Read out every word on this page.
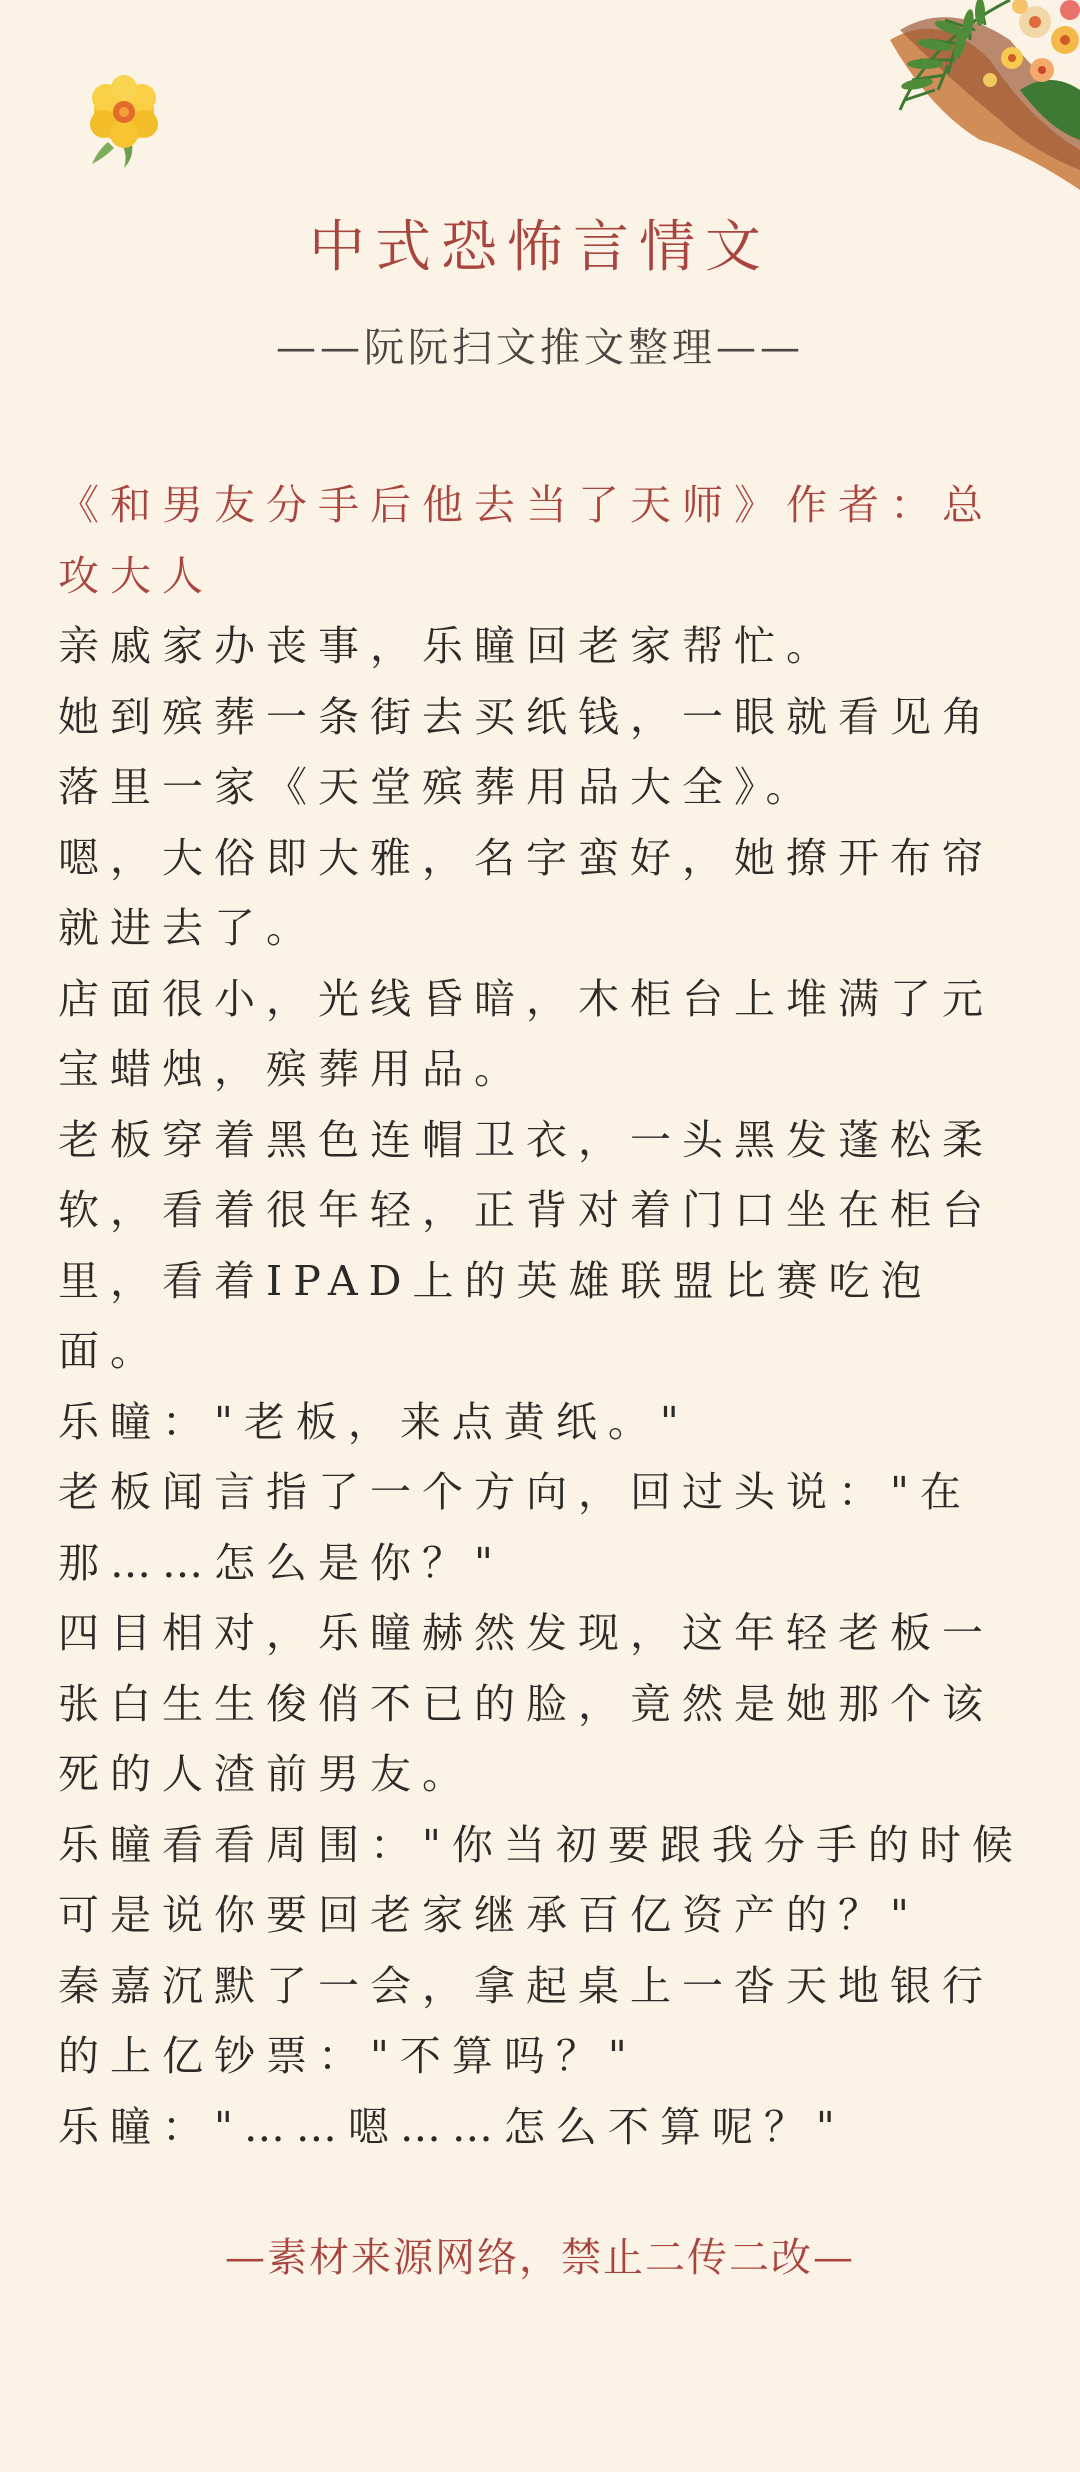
中式恐怖言情文
——阮阮扫文推文整理——

《和男友分手后他去当了天师》作者：总攻大人

亲戚家办丧事，乐瞳回老家帮忙。

她到殡葬一条街去买纸钱，一眼就看见角落里一家《天堂殡葬用品大全》。

嗯，大俗即大雅，名字蛮好，她撩开布帘就进去了。

店面很小，光线昏暗，木柜台上堆满了元宝蜡烛，殡葬用品。

老板穿着黑色连帽卫衣，一头黑发蓬松柔软，看着很年轻，正背对着门口坐在柜台里，看着IPAD上的英雄联盟比赛吃泡面。

乐瞳："老板，来点黄纸。"

老板闻言指了一个方向，回过头说："在那……怎么是你？"

四目相对，乐瞳赫然发现，这年轻老板一张白生生俊俏不已的脸，竟然是她那个该死的人渣前男友。

乐瞳看看周围："你当初要跟我分手的时候可是说你要回老家继承百亿资产的？"

秦嘉沉默了一会，拿起桌上一沓天地银行的上亿钞票："不算吗？"

乐瞳："……嗯……怎么不算呢？"

—素材来源网络，禁止二传二改—
